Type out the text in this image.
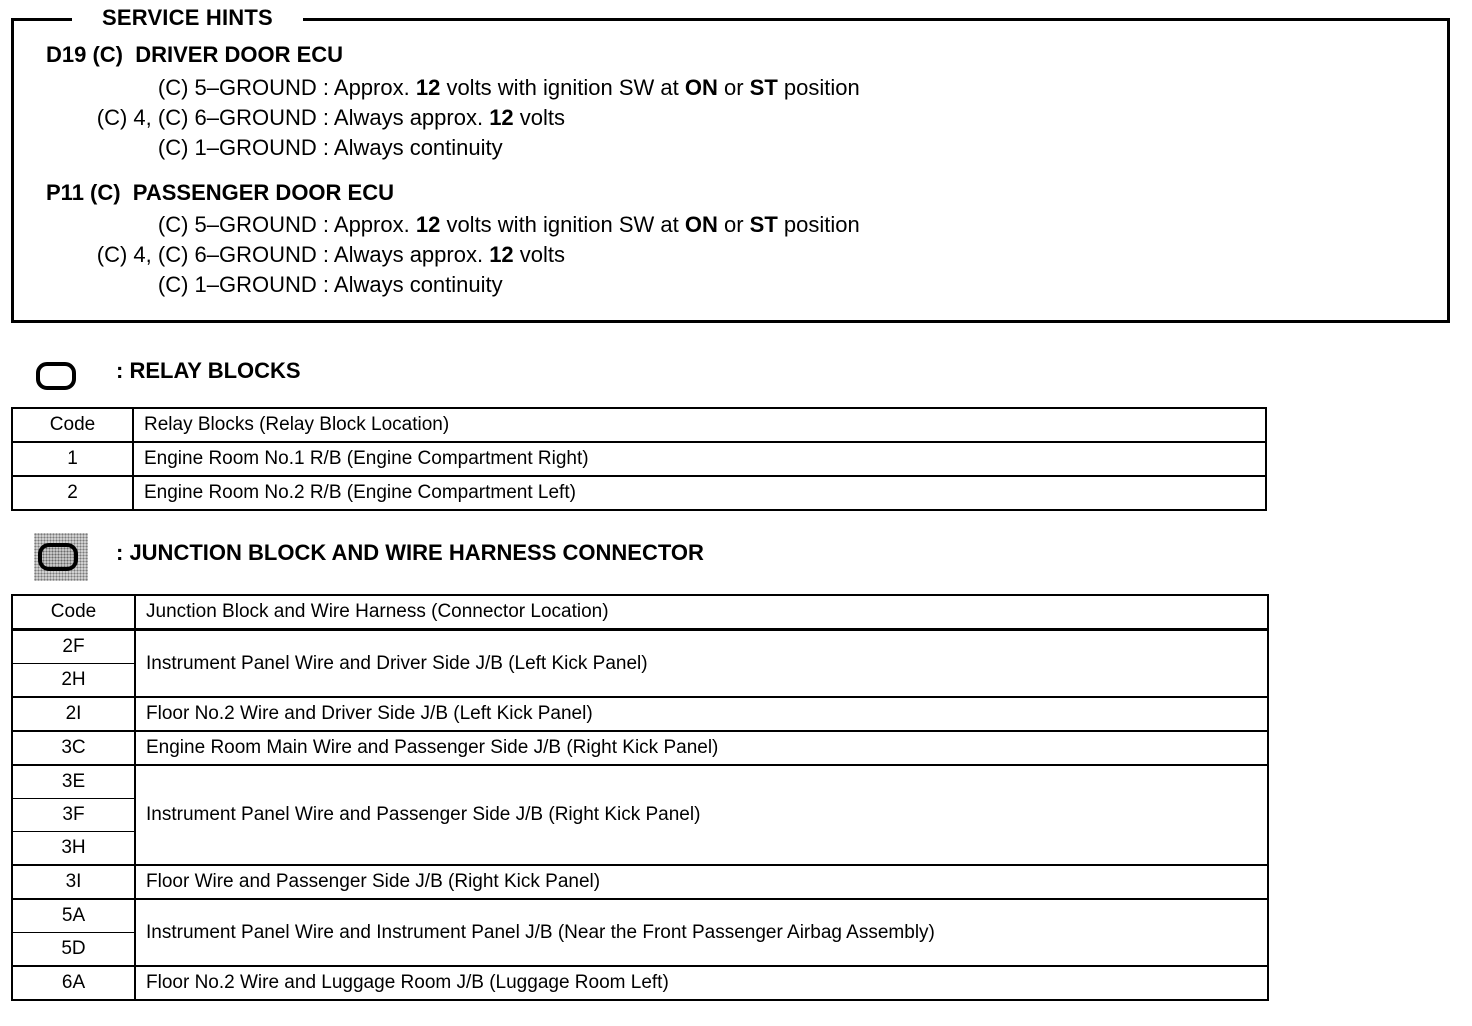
SERVICE HINTS
D19 (C)  DRIVER DOOR ECU
(C) 5–GROUND : Approx. 12 volts with ignition SW at ON or ST position
(C) 4, (C) 6–GROUND : Always approx. 12 volts
(C) 1–GROUND : Always continuity
P11 (C)  PASSENGER DOOR ECU
(C) 5–GROUND : Approx. 12 volts with ignition SW at ON or ST position
(C) 4, (C) 6–GROUND : Always approx. 12 volts
(C) 1–GROUND : Always continuity
: RELAY BLOCKS
Code	Relay Blocks (Relay Block Location)
1	Engine Room No.1 R/B (Engine Compartment Right)
2	Engine Room No.2 R/B (Engine Compartment Left)
: JUNCTION BLOCK AND WIRE HARNESS CONNECTOR
Code	Junction Block and Wire Harness (Connector Location)
2F	Instrument Panel Wire and Driver Side J/B (Left Kick Panel)
2H	
2I	Floor No.2 Wire and Driver Side J/B (Left Kick Panel)
3C	Engine Room Main Wire and Passenger Side J/B (Right Kick Panel)
3E	Instrument Panel Wire and Passenger Side J/B (Right Kick Panel)
3F	
3H	
3I	Floor Wire and Passenger Side J/B (Right Kick Panel)
5A	Instrument Panel Wire and Instrument Panel J/B (Near the Front Passenger Airbag Assembly)
5D	
6A	Floor No.2 Wire and Luggage Room J/B (Luggage Room Left)
